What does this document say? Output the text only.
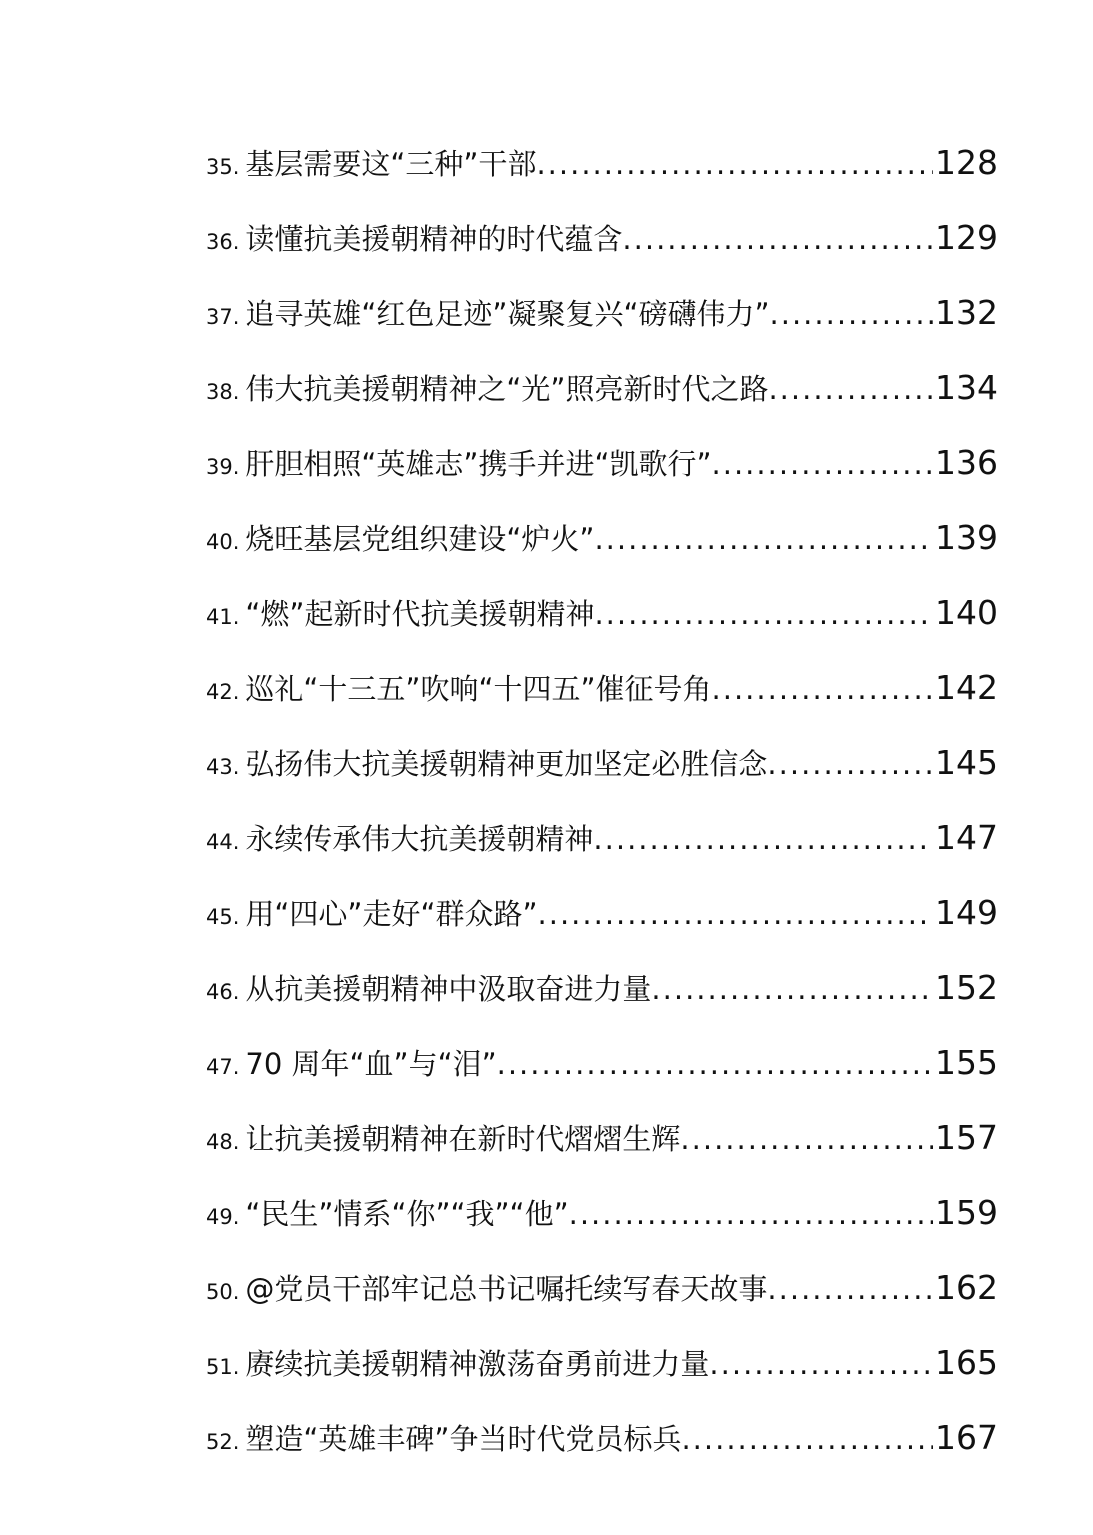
35. 基层需要这“三种”干部 .....	128
36. 读懂抗美援朝精神的时代蕴含 .....	129
37. 追寻英雄“红色足迹”凝聚复兴“磅礴伟力” .....	132
38. 伟大抗美援朝精神之“光”照亮新时代之路 .....	134
39. 肝胆相照“英雄志”携手并进“凯歌行” .....	136
40. 烧旺基层党组织建设“炉火” .....	139
41. “燃”起新时代抗美援朝精神 .....	140
42. 巡礼“十三五”吹响“十四五”催征号角 .....	142
43. 弘扬伟大抗美援朝精神更加坚定必胜信念 .....	145
44. 永续传承伟大抗美援朝精神 .....	147
45. 用“四心”走好“群众路” .....	149
46. 从抗美援朝精神中汲取奋进力量 .....	152
47. 70 周年“血”与“泪” .....	155
48. 让抗美援朝精神在新时代熠熠生辉 .....	157
49. “民生”情系“你”“我”“他” .....	159
50. @党员干部牢记总书记嘱托续写春天故事 .....	162
51. 赓续抗美援朝精神激荡奋勇前进力量 .....	165
52. 塑造“英雄丰碑”争当时代党员标兵 .....	167
